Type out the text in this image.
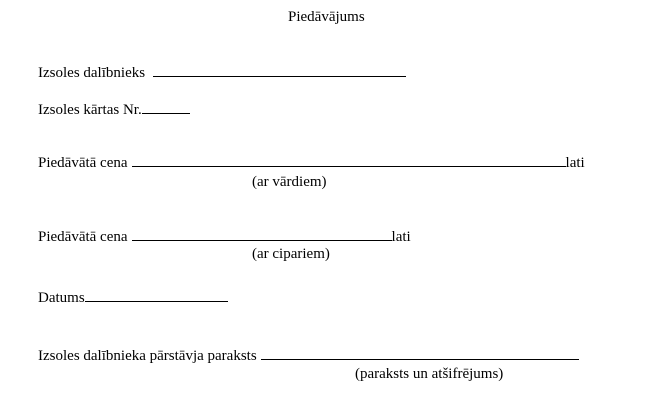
Piedāvājums
Izsoles dalībnieks
Izsoles kārtas Nr.
Piedāvātā cena	lati
(ar vārdiem)
Piedāvātā cena	lati
(ar cipariem)
Datums
Izsoles dalībnieka pārstāvja paraksts
(paraksts un atšifrējums)
